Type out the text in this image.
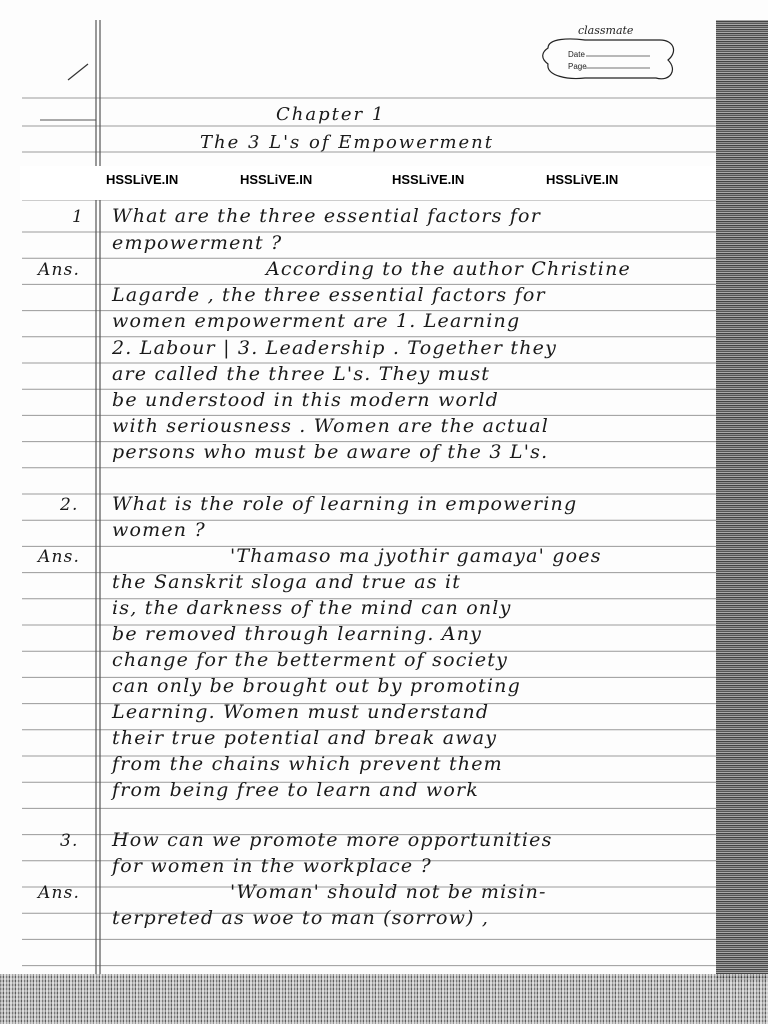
classmate
Date
Page
Chapter 1
The 3 L's of Empowerment
HSSLiVE.IN	HSSLiVE.IN	HSSLiVE.IN	HSSLiVE.IN
1 What are the three essential factors for
empowerment ?
Ans.	According to the author Christine
Lagarde , the three essential factors for
women empowerment are 1. Learning
2. Labour | 3. Leadership . Together they
are called the three L's. They must
be understood in this modern world
with seriousness . Women are the actual
persons who must be aware of the 3 L's.
2. What is the role of learning in empowering
women ?
Ans.	'Thamaso ma jyothir gamaya' goes
the Sanskrit sloga and true as it
is, the darkness of the mind can only
be removed through learning. Any
change for the betterment of society
can only be brought out by promoting
Learning. Women must understand
their true potential and break away
from the chains which prevent them
from being free to learn and work
3. How can we promote more opportunities
for women in the workplace ?
Ans.	'Woman' should not be misin-
terpreted as woe to man (sorrow) ,
